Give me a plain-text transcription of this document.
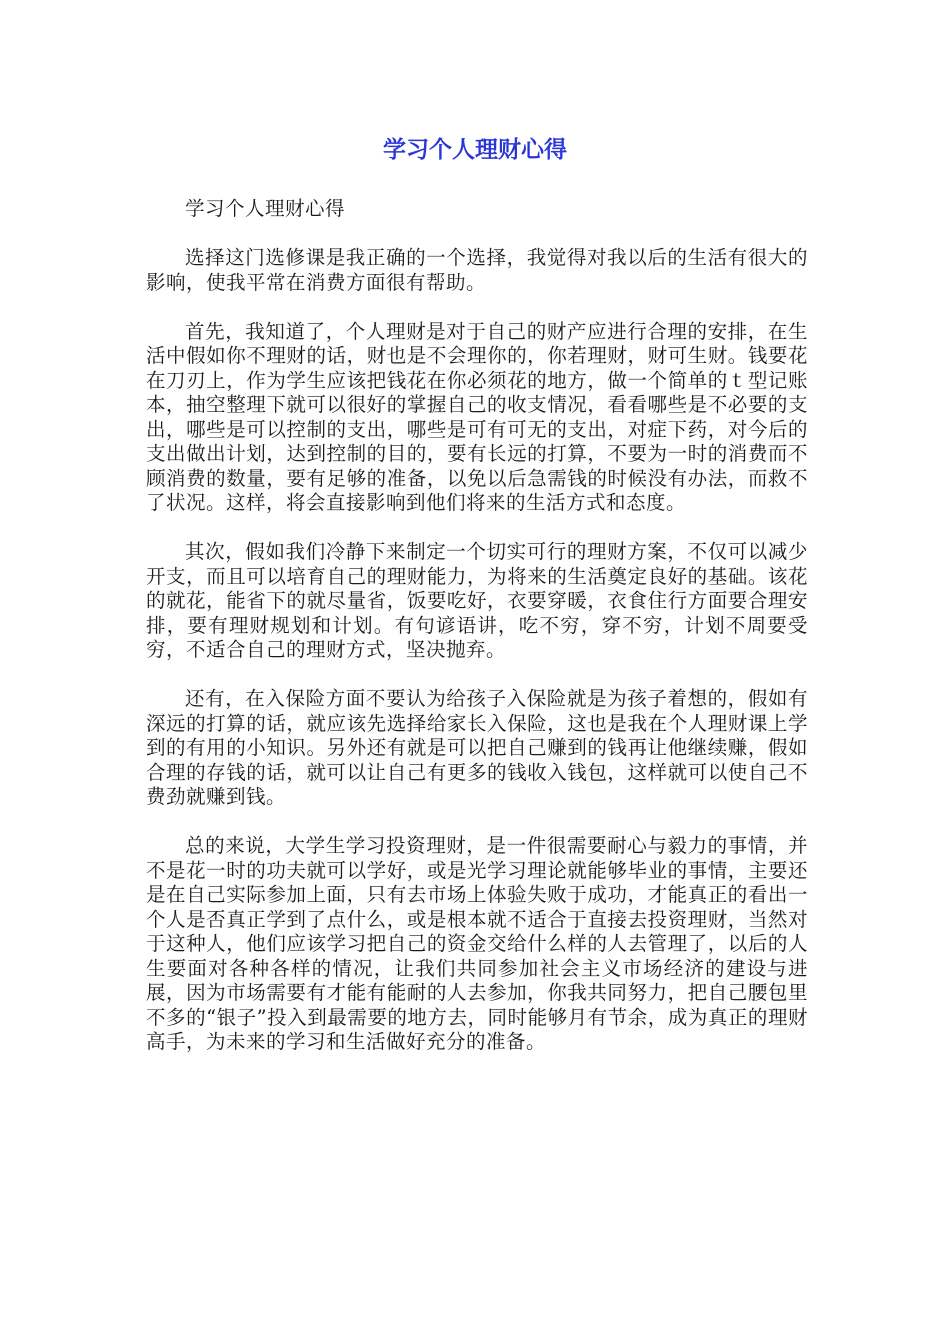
学习个人理财心得

学习个人理财心得

选择这门选修课是我正确的一个选择，我觉得对我以后的生活有很大的影响，使我平常在消费方面很有帮助。

首先，我知道了，个人理财是对于自己的财产应进行合理的安排，在生活中假如你不理财的话，财也是不会理你的，你若理财，财可生财。钱要花在刀刃上，作为学生应该把钱花在你必须花的地方，做一个简单的ｔ型记账本，抽空整理下就可以很好的掌握自己的收支情况，看看哪些是不必要的支出，哪些是可以控制的支出，哪些是可有可无的支出，对症下药，对今后的支出做出计划，达到控制的目的，要有长远的打算，不要为一时的消费而不顾消费的数量，要有足够的准备，以免以后急需钱的时候没有办法，而救不了状况。这样，将会直接影响到他们将来的生活方式和态度。

其次，假如我们冷静下来制定一个切实可行的理财方案，不仅可以减少开支，而且可以培育自己的理财能力，为将来的生活奠定良好的基础。该花的就花，能省下的就尽量省，饭要吃好，衣要穿暖，衣食住行方面要合理安排，要有理财规划和计划。有句谚语讲，吃不穷，穿不穷，计划不周要受穷，不适合自己的理财方式，坚决抛弃。

还有，在入保险方面不要认为给孩子入保险就是为孩子着想的，假如有深远的打算的话，就应该先选择给家长入保险，这也是我在个人理财课上学到的有用的小知识。另外还有就是可以把自己赚到的钱再让他继续赚，假如合理的存钱的话，就可以让自己有更多的钱收入钱包，这样就可以使自己不费劲就赚到钱。

总的来说，大学生学习投资理财，是一件很需要耐心与毅力的事情，并不是花一时的功夫就可以学好，或是光学习理论就能够毕业的事情，主要还是在自己实际参加上面，只有去市场上体验失败于成功，才能真正的看出一个人是否真正学到了点什么，或是根本就不适合于直接去投资理财，当然对于这种人，他们应该学习把自己的资金交给什么样的人去管理了，以后的人生要面对各种各样的情况，让我们共同参加社会主义市场经济的建设与进展，因为市场需要有才能有能耐的人去参加，你我共同努力，把自己腰包里不多的“银子”投入到最需要的地方去，同时能够月有节余，成为真正的理财高手，为未来的学习和生活做好充分的准备。
